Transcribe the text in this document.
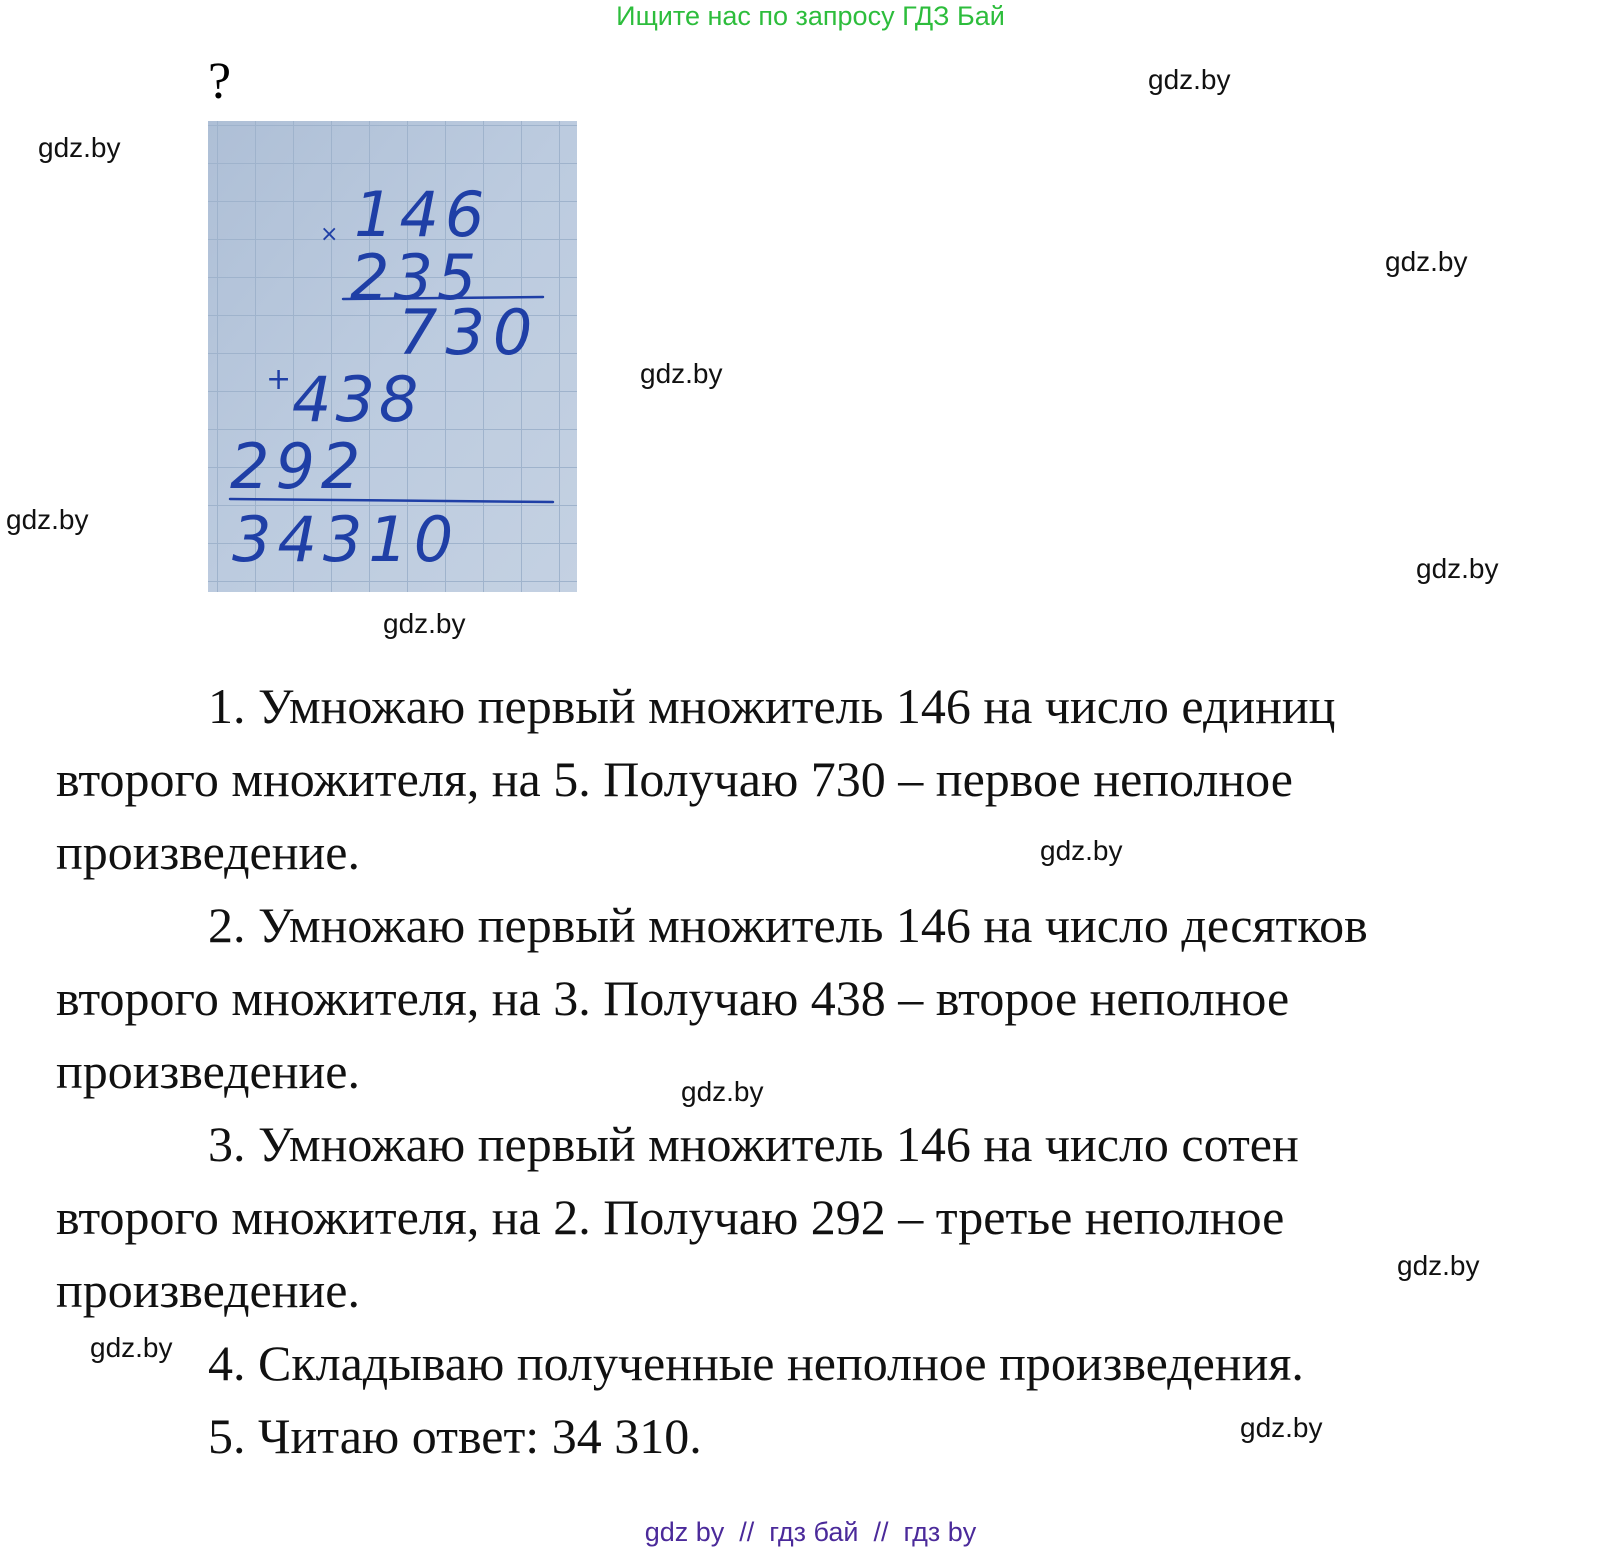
Ищите нас по запросу ГДЗ Бай
?	gdz.by
gdz.by
gdz.by
gdz.by
gdz.by
gdz.by
gdz.by
gdz.by
gdz.by
gdz.by
gdz.by
gdz.by
× 146
235
730
+ 438
292
34310
1. Умножаю первый множитель 146 на число единиц
второго множителя, на 5. Получаю 730 – первое неполное
произведение.
2. Умножаю первый множитель 146 на число десятков
второго множителя, на 3. Получаю 438 – второе неполное
произведение.
3. Умножаю первый множитель 146 на число сотен
второго множителя, на 2. Получаю 292 – третье неполное
произведение.
4. Складываю полученные неполное произведения.
5. Читаю ответ: 34 310.
gdz by  //  гдз бай  //  гдз by
